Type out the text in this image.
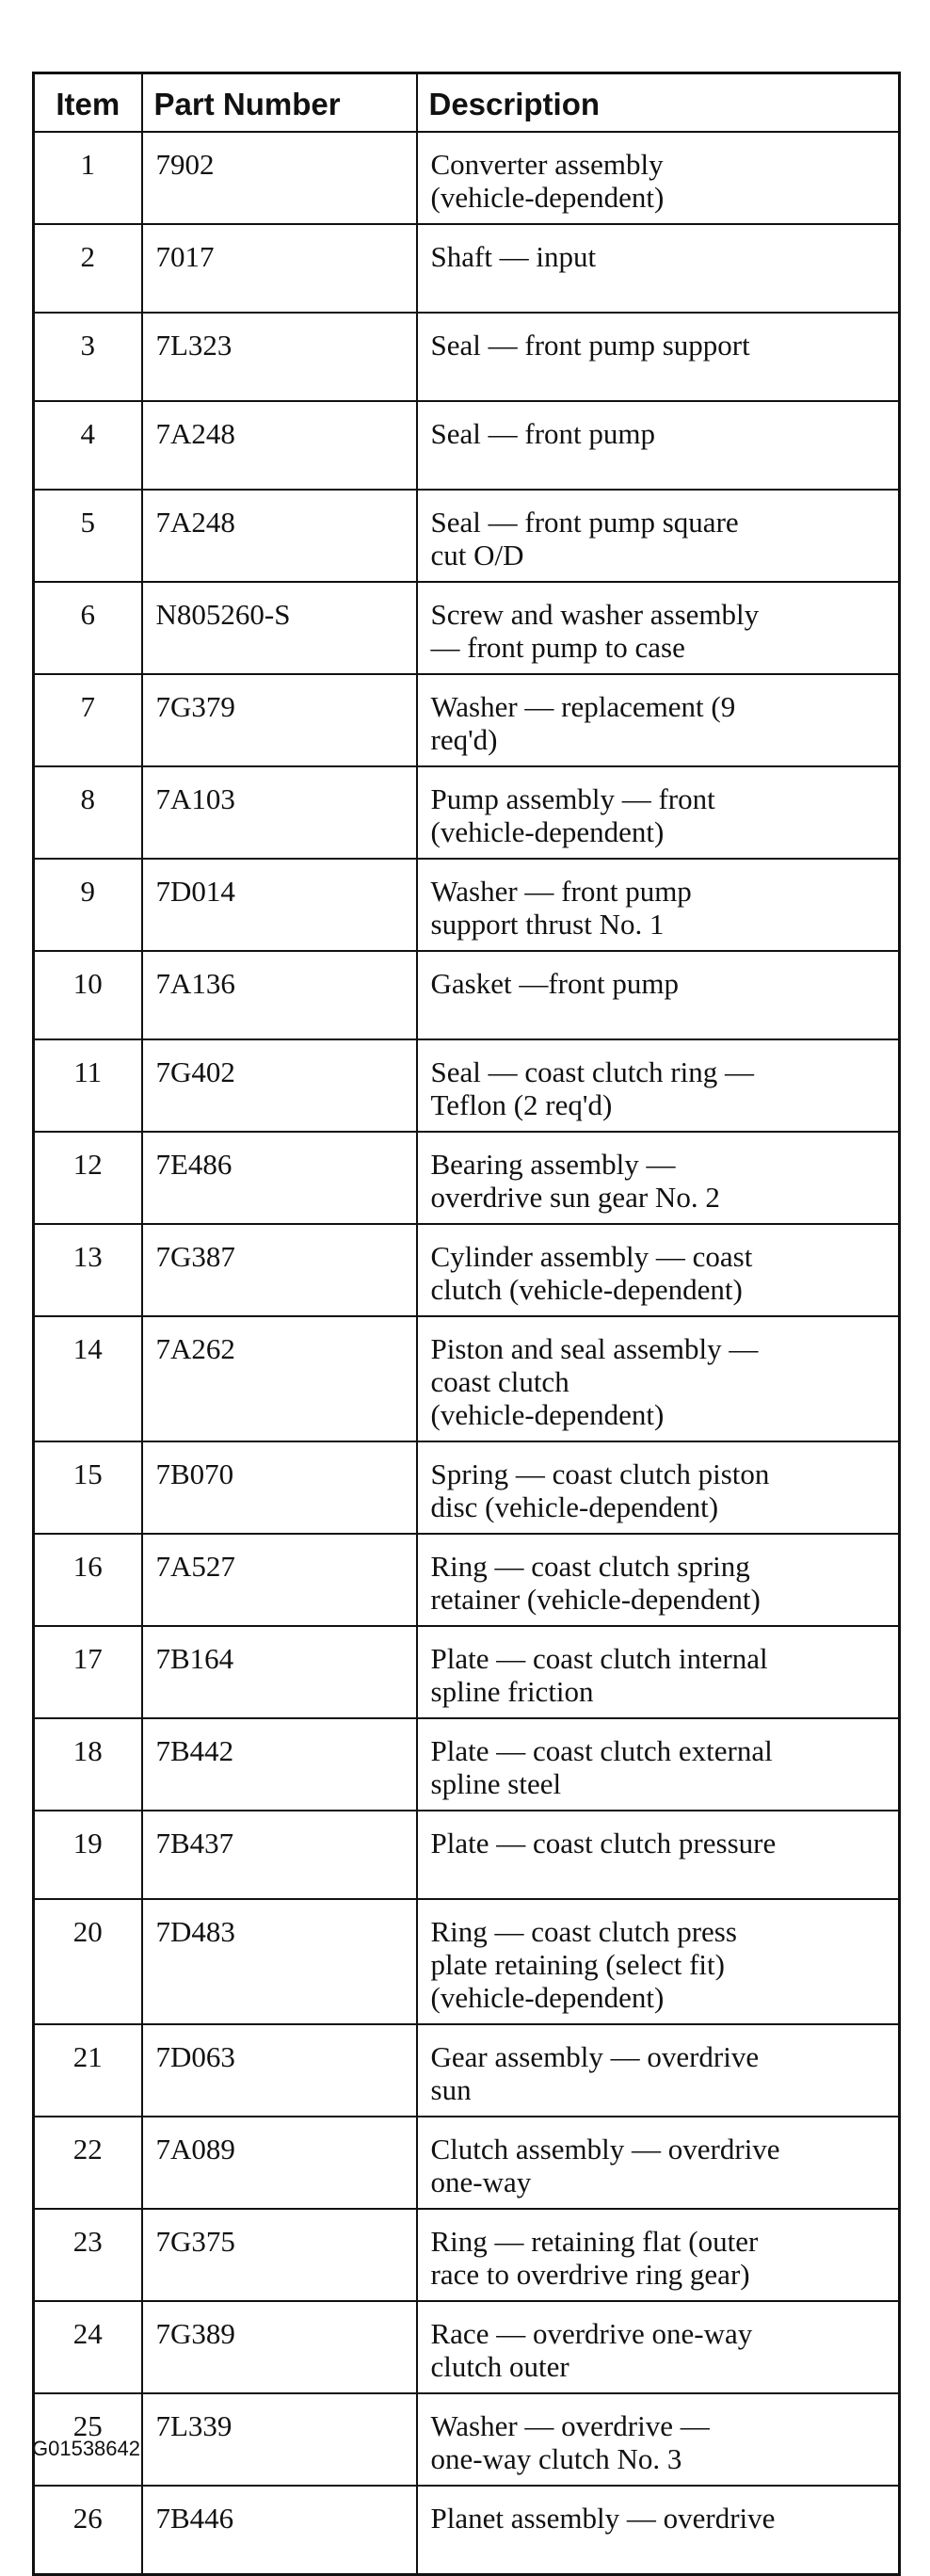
Item	Part Number	Description
1	7902	Converter assembly
(vehicle-dependent)

2	7017	Shaft — input

3	7L323	Seal — front pump support

4	7A248	Seal — front pump

5	7A248	Seal — front pump square
cut O/D

6	N805260-S	Screw and washer assembly
— front pump to case

7	7G379	Washer — replacement (9
req'd)

8	7A103	Pump assembly — front
(vehicle-dependent)

9	7D014	Washer — front pump
support thrust No. 1

10	7A136	Gasket —front pump

11	7G402	Seal — coast clutch ring —
Teflon (2 req'd)

12	7E486	Bearing assembly —
overdrive sun gear No. 2

13	7G387	Cylinder assembly — coast
clutch (vehicle-dependent)

14	7A262	Piston and seal assembly —
coast clutch
(vehicle-dependent)

15	7B070	Spring — coast clutch piston
disc (vehicle-dependent)

16	7A527	Ring — coast clutch spring
retainer (vehicle-dependent)

17	7B164	Plate — coast clutch internal
spline friction

18	7B442	Plate — coast clutch external
spline steel

19	7B437	Plate — coast clutch pressure

20	7D483	Ring — coast clutch press
plate retaining (select fit)
(vehicle-dependent)

21	7D063	Gear assembly — overdrive
sun

22	7A089	Clutch assembly — overdrive
one-way

23	7G375	Ring — retaining flat (outer
race to overdrive ring gear)

24	7G389	Race — overdrive one-way
clutch outer

25	7L339	Washer — overdrive —
one-way clutch No. 3

26	7B446	Planet assembly — overdrive
G01538642
